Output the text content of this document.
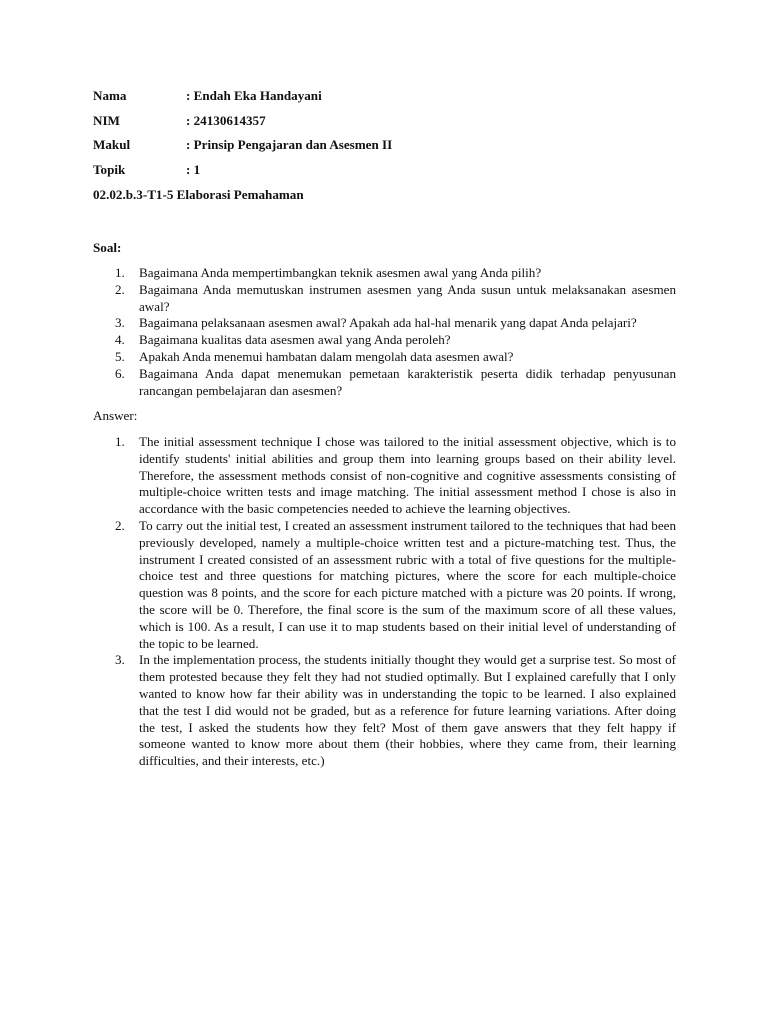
Nama	: Endah Eka Handayani
NIM	: 24130614357
Makul	: Prinsip Pengajaran dan Asesmen II
Topik	: 1
02.02.b.3-T1-5 Elaborasi Pemahaman
Soal:
1.	Bagaimana Anda mempertimbangkan teknik asesmen awal yang Anda pilih?
2.	Bagaimana Anda memutuskan instrumen asesmen yang Anda susun untuk melaksanakan asesmen awal?
3.	Bagaimana pelaksanaan asesmen awal? Apakah ada hal-hal menarik yang dapat Anda pelajari?
4.	Bagaimana kualitas data asesmen awal yang Anda peroleh?
5.	Apakah Anda menemui hambatan dalam mengolah data asesmen awal?
6.	Bagaimana Anda dapat menemukan pemetaan karakteristik peserta didik terhadap penyusunan rancangan pembelajaran dan asesmen?
Answer:
1.	The initial assessment technique I chose was tailored to the initial assessment objective, which is to identify students' initial abilities and group them into learning groups based on their ability level. Therefore, the assessment methods consist of non-cognitive and cognitive assessments consisting of multiple-choice written tests and image matching. The initial assessment method I chose is also in accordance with the basic competencies needed to achieve the learning objectives.
2.	To carry out the initial test, I created an assessment instrument tailored to the techniques that had been previously developed, namely a multiple-choice written test and a picture-matching test. Thus, the instrument I created consisted of an assessment rubric with a total of five questions for the multiple-choice test and three questions for matching pictures, where the score for each multiple-choice question was 8 points, and the score for each picture matched with a picture was 20 points. If wrong, the score will be 0. Therefore, the final score is the sum of the maximum score of all these values, which is 100. As a result, I can use it to map students based on their initial level of understanding of the topic to be learned.
3.	In the implementation process, the students initially thought they would get a surprise test. So most of them protested because they felt they had not studied optimally. But I explained carefully that I only wanted to know how far their ability was in understanding the topic to be learned. I also explained that the test I did would not be graded, but as a reference for future learning variations. After doing the test, I asked the students how they felt? Most of them gave answers that they felt happy if someone wanted to know more about them (their hobbies, where they came from, their learning difficulties, and their interests, etc.)
